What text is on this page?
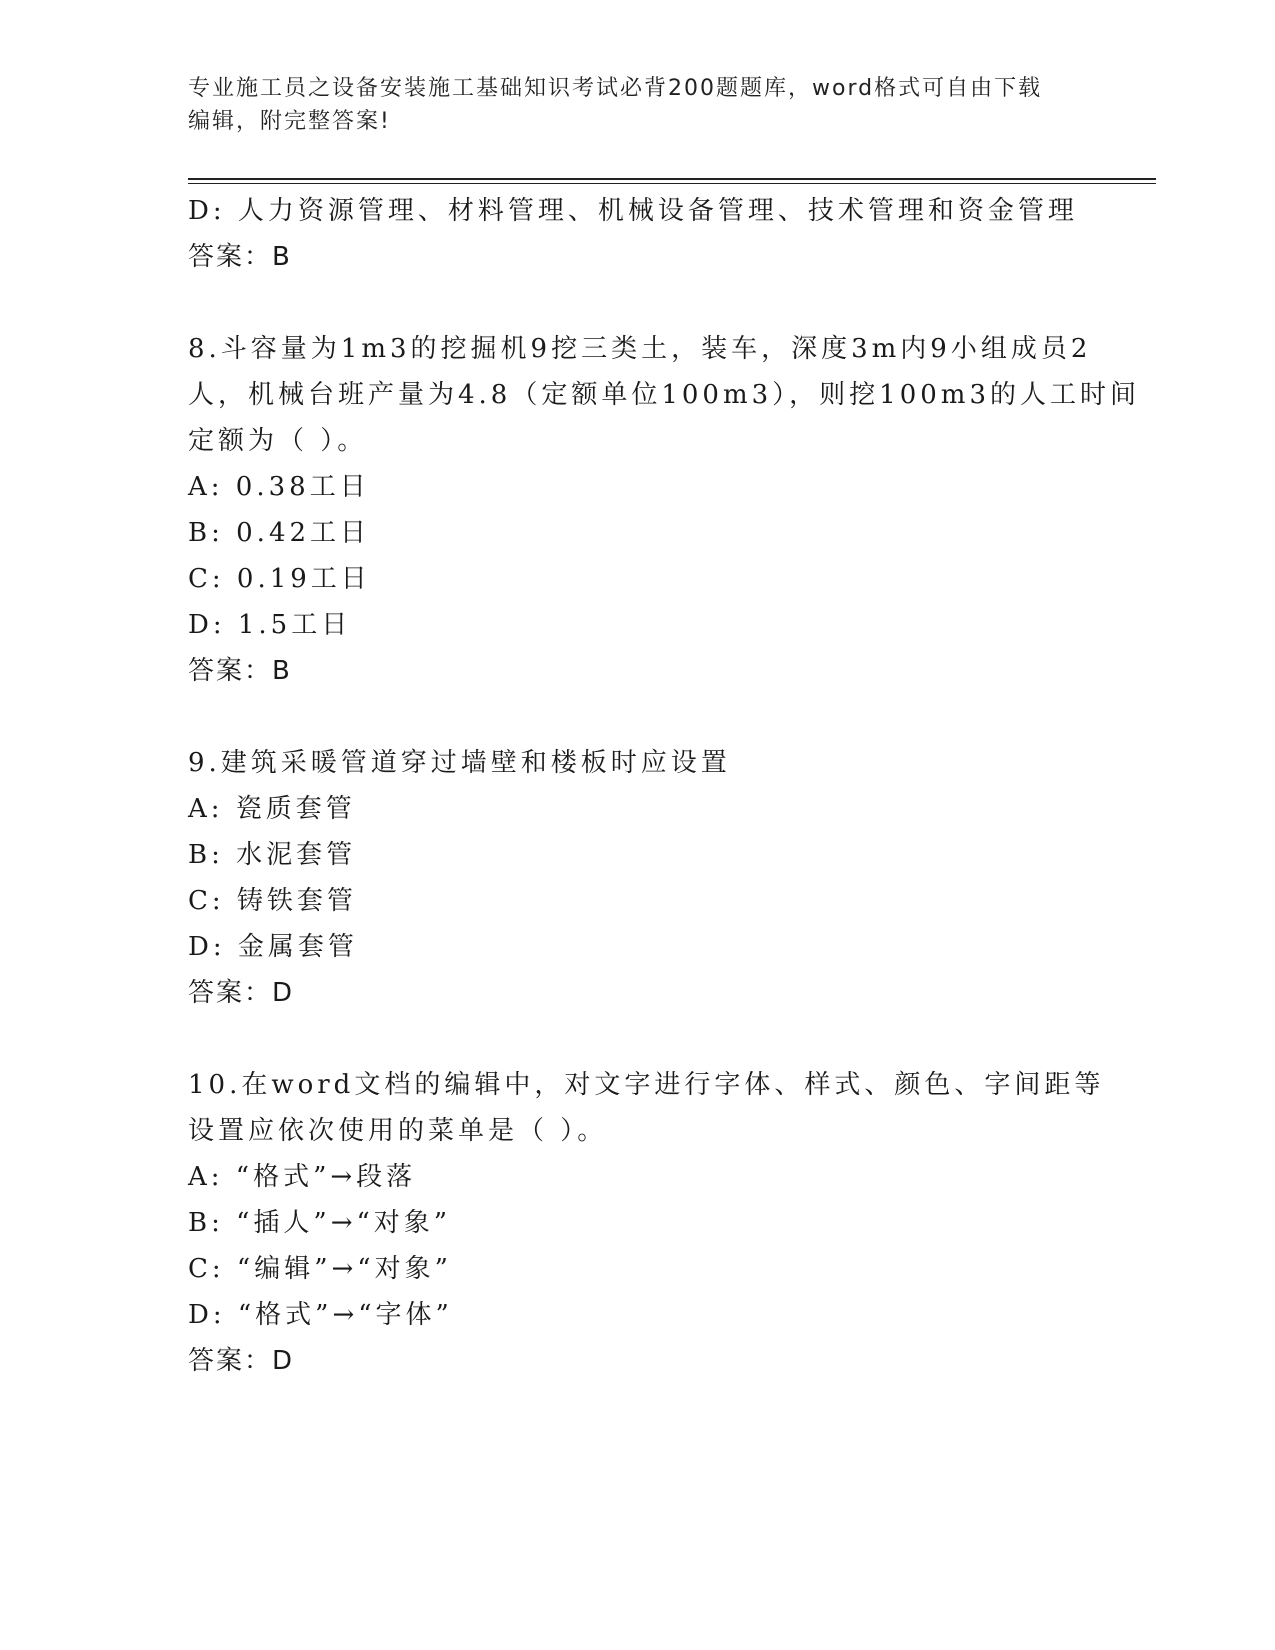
专业施工员之设备安装施工基础知识考试必背200题题库，word格式可自由下载
编辑，附完整答案!
D: 人力资源管理、材料管理、机械设备管理、技术管理和资金管理
答案：B
8.斗容量为1m3的挖掘机9挖三类土，装车，深度3m内9小组成员2
人，机械台班产量为4.8（定额单位100m3），则挖100m3的人工时间
定额为（ ）。
A: 0.38工日
B: 0.42工日
C: 0.19工日
D: 1.5工日
答案：B
9.建筑采暖管道穿过墙壁和楼板时应设置
A: 瓷质套管
B: 水泥套管
C: 铸铁套管
D: 金属套管
答案：D
10.在word文档的编辑中，对文字进行字体、样式、颜色、字间距等
设置应依次使用的菜单是（ ）。
A: “格式”→段落
B: “插人”→“对象”
C: “编辑”→“对象”
D: “格式”→“字体”
答案：D
